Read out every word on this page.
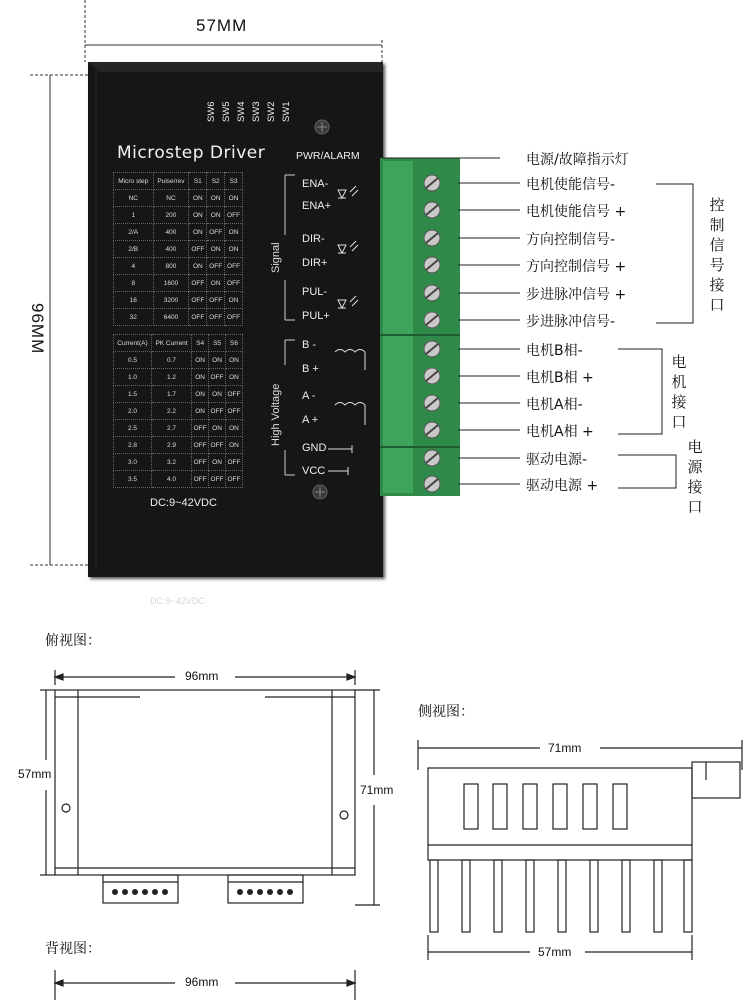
57MM
96MM
Microstep Driver
SW6 SW5 SW4 SW3 SW2 SW1
PWR/ALARM
Micro step	Pulse/rev	S1	S2	S3
NC	NC	ON	ON	ON
1	200	ON	ON	OFF
2/A	400	ON	OFF	ON
2/B	400	OFF	ON	ON
4	800	ON	OFF	OFF
8	1600	OFF	ON	OFF
16	3200	OFF	OFF	ON
32	6400	OFF	OFF	OFF
Current(A)	PK Current	S4	S5	S6
0.5	0.7	ON	ON	ON
1.0	1.2	ON	OFF	ON
1.5	1.7	ON	ON	OFF
2.0	2.2	ON	OFF	OFF
2.5	2.7	OFF	ON	ON
2.8	2.9	OFF	OFF	ON
3.0	3.2	OFF	ON	OFF
3.5	4.0	OFF	OFF	OFF
Signal
High Voltage
ENA-
ENA+
DIR-
DIR+
PUL-
PUL+
B -
B +
A -
A +
GND
VCC
DC:9~42VDC
DC:9~42VDC
电源/故障指示灯
电机使能信号-
电机使能信号 +
方向控制信号-
方向控制信号 +
步进脉冲信号 +
步进脉冲信号-
电机B相-
电机B相 +
电机A相-
电机A相 +
驱动电源-
驱动电源 +
控制信号接口
电机接口
电源接口
俯视图：
96mm
57mm
71mm
侧视图：
71mm
57mm
背视图：
96mm
